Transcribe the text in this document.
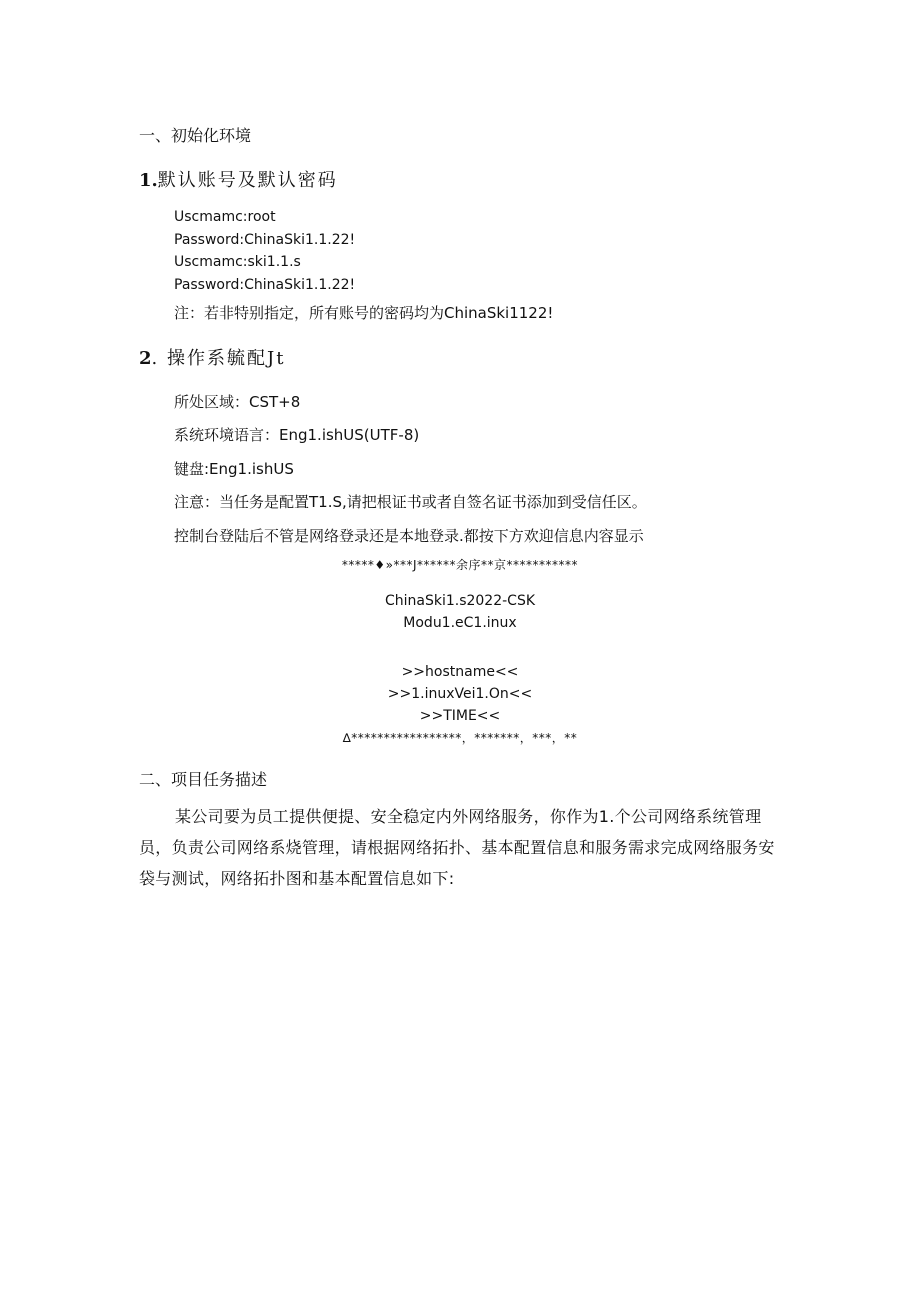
一、初始化环境
1.默认账号及默认密码
Uscmamc:root
Password:ChinaSki1.1.22!
Uscmamc:ski1.1.s
Password:ChinaSki1.1.22!
注：若非特别指定，所有账号的密码均为ChinaSki1122!
2. 操作系毓配Jt
所处区域：CST+8
系统环境语言：Eng1.ishUS(UTF-8)
键盘:Eng1.ishUS
注意：当任务是配置T1.S,请把根证书或者自签名证书添加到受信任区。
控制台登陆后不管是网络登录还是本地登录.都按下方欢迎信息内容显示
*****♦»***J******余序**京***********
ChinaSki1.s2022-CSK
Modu1.eC1.inux
>>hostname<<
>>1.inuxVei1.On<<
>>TIME<<
∆*****************，*******，***，**
二、项目任务描述
某公司要为员工提供便提、安全稳定内外网络服务，你作为1.个公司网络系统管理员，负责公司网络系烧管理，请根据网络拓扑、基本配置信息和服务需求完成网络服务安袋与测试，网络拓扑图和基本配置信息如下:
